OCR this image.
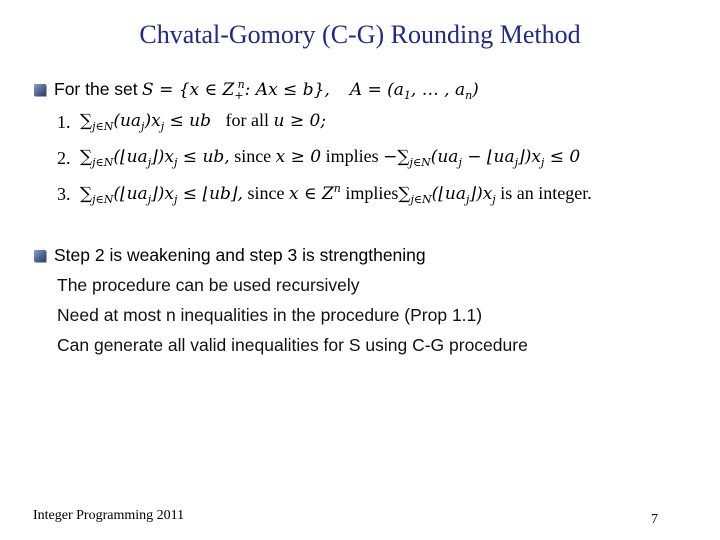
Chvatal-Gomory (C-G) Rounding Method
For the set
S = {x ∈ $Z_+^n$: Ax ≤ b}, $A = (a_1$, … , $a_n$)
1. $\sum_{j\in N}(ua_j)x_j$ ≤ ub for all u ≥ 0;
2. $\sum_{j\in N}(⌊ua_j⌋)x_j$ ≤ ub, since x ≥ 0 implies $-\sum_{j\in N}(ua_j$ − $⌊ua_j⌋)x_j \le 0$
3. $\sum_{j\in N}(⌊ua_j⌋)x_j$ ≤ ⌊ub⌋, since x ∈ $Z^n$ $implies\sum_{j\in N}(⌊ua_j⌋)x_j$ is an integer.
Step 2 is weakening and step 3 is strengthening
The procedure can be used recursively
Need at most n inequalities in the procedure (Prop 1.1)
Can generate all valid inequalities for S using C-G procedure
Integer Programming 2011	7
